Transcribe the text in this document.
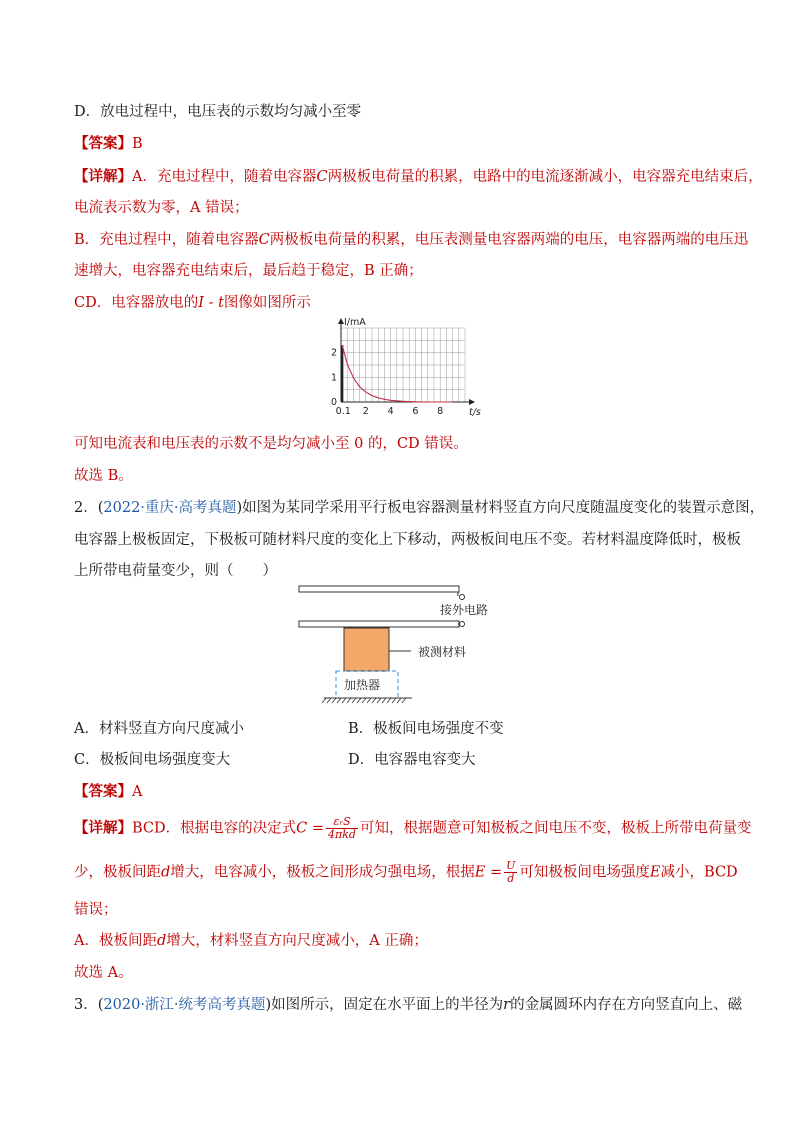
D．放电过程中，电压表的示数均匀减小至零
【答案】B
【详解】A．充电过程中，随着电容器C两极板电荷量的积累，电路中的电流逐渐减小，电容器充电结束后，
电流表示数为零，A 错误；
B．充电过程中，随着电容器C两极板电荷量的积累，电压表测量电容器两端的电压，电容器两端的电压迅
速增大，电容器充电结束后，最后趋于稳定，B 正确；
CD．电容器放电的I - t图像如图所示
I/mA
t/s
0
1
2
0.1 2 4 6 8
可知电流表和电压表的示数不是均匀减小至 0 的，CD 错误。
故选 B。
2．(2022·重庆·高考真题)如图为某同学采用平行板电容器测量材料竖直方向尺度随温度变化的装置示意图，
电容器上极板固定，下极板可随材料尺度的变化上下移动，两极板间电压不变。若材料温度降低时，极板
上所带电荷量变少，则（　　）
接外电路
被测材料
加热器
A．材料竖直方向尺度减小	B．极板间电场强度不变
C．极板间电场强度变大	D．电容器电容变大
【答案】A
【详解】BCD．根据电容的决定式$C = \frac{\text{εᵣS}}{\text{4πkd}}$ 可知，根据题意可知极板之间电压不变，极板上所带电荷量变
少，极板间距d增大，电容减小，极板之间形成匀强电场，根据$E = \frac{U}{d}$ 可知极板间电场强度E减小，BCD
错误；
A．极板间距d增大，材料竖直方向尺度减小，A 正确；
故选 A。
3．(2020·浙江·统考高考真题)如图所示，固定在水平面上的半径为r的金属圆环内存在方向竖直向上、磁
